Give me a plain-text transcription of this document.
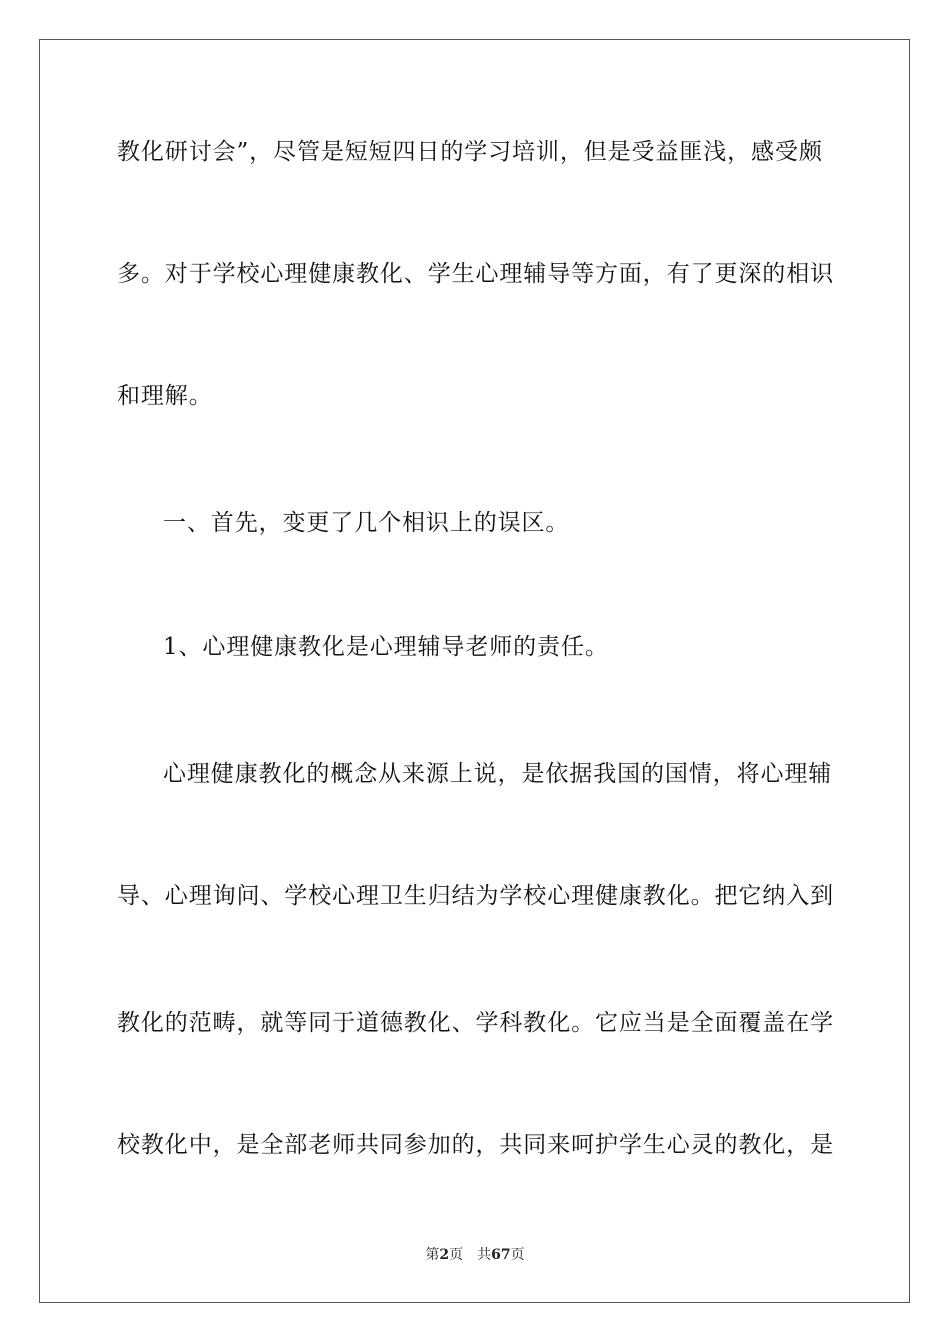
教化研讨会”，尽管是短短四日的学习培训，但是受益匪浅，感受颇
多。对于学校心理健康教化、学生心理辅导等方面，有了更深的相识
和理解。
一、首先，变更了几个相识上的误区。
1、心理健康教化是心理辅导老师的责任。
心理健康教化的概念从来源上说，是依据我国的国情，将心理辅
导、心理询问、学校心理卫生归结为学校心理健康教化。把它纳入到
教化的范畴，就等同于道德教化、学科教化。它应当是全面覆盖在学
校教化中，是全部老师共同参加的，共同来呵护学生心灵的教化，是
第2页 共67页
